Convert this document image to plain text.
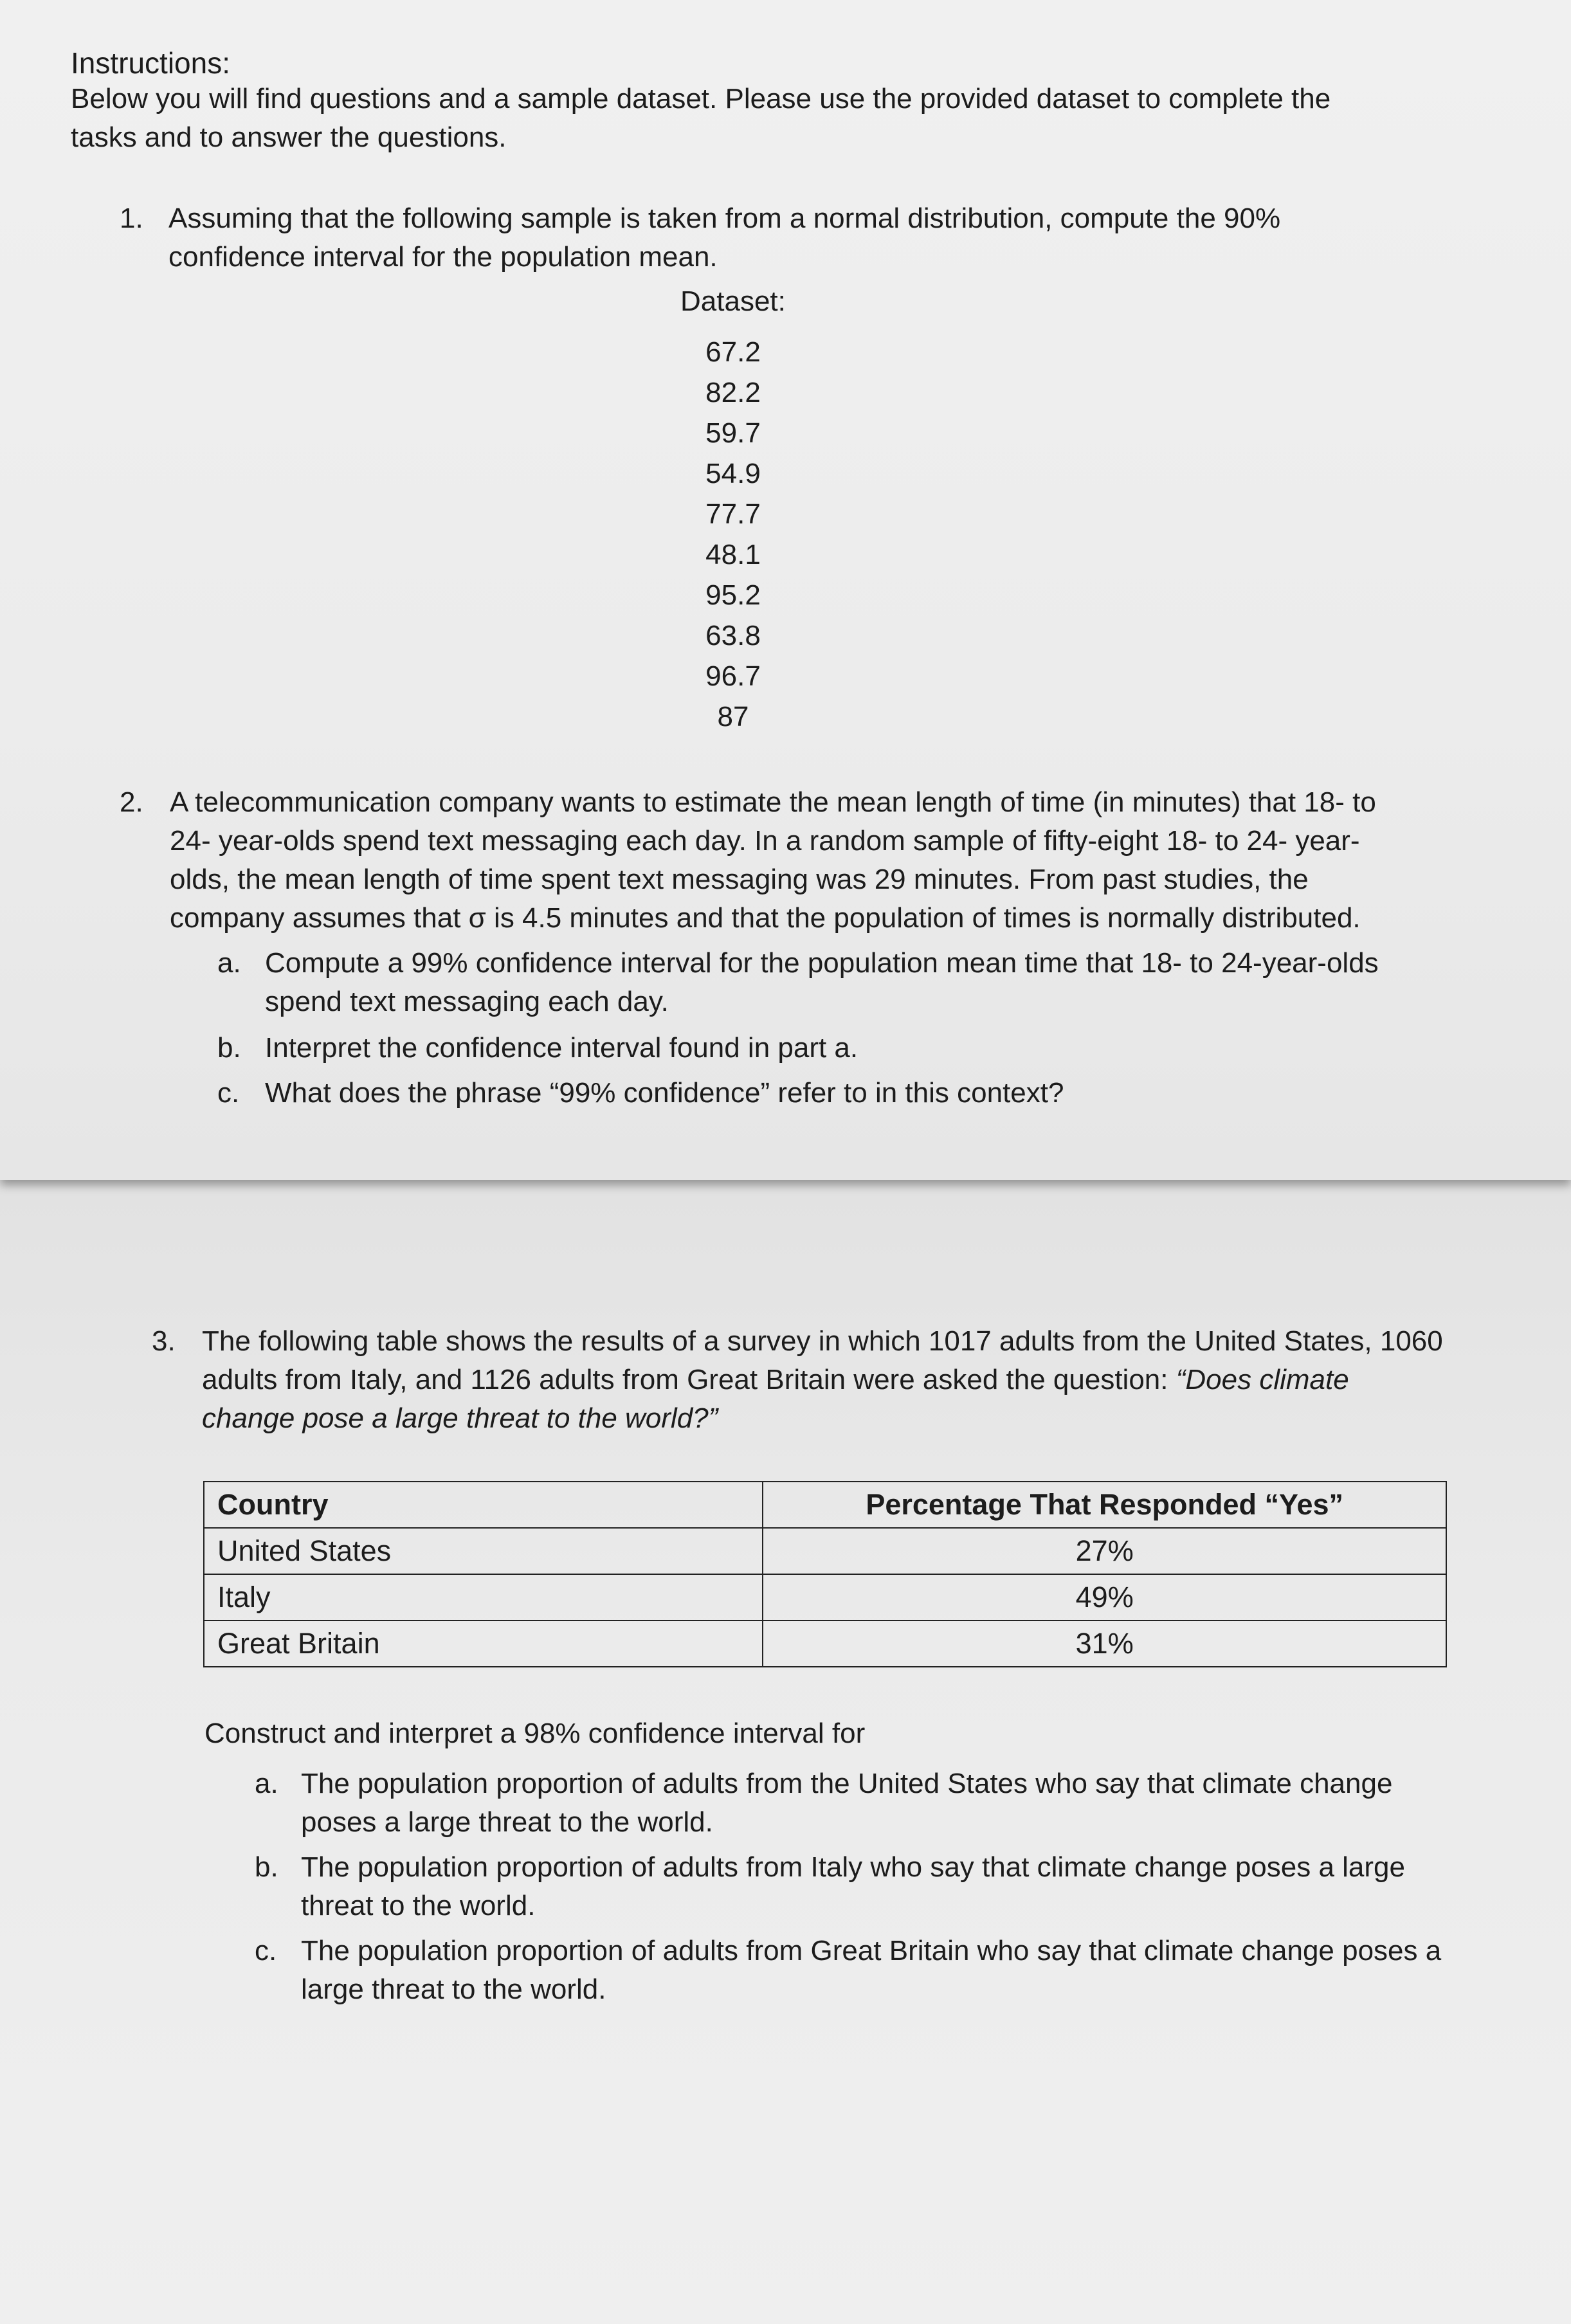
Instructions:
Below you will find questions and a sample dataset. Please use the provided dataset to complete the tasks and to answer the questions.
1. Assuming that the following sample is taken from a normal distribution, compute the 90% confidence interval for the population mean.
Dataset:
67.2
82.2
59.7
54.9
77.7
48.1
95.2
63.8
96.7
87
2. A telecommunication company wants to estimate the mean length of time (in minutes) that 18- to 24- year-olds spend text messaging each day. In a random sample of fifty-eight 18- to 24- year-olds, the mean length of time spent text messaging was 29 minutes. From past studies, the company assumes that σ is 4.5 minutes and that the population of times is normally distributed.
a. Compute a 99% confidence interval for the population mean time that 18- to 24-year-olds spend text messaging each day.
b. Interpret the confidence interval found in part a.
c. What does the phrase “99% confidence” refer to in this context?
3. The following table shows the results of a survey in which 1017 adults from the United States, 1060 adults from Italy, and 1126 adults from Great Britain were asked the question: “Does climate change pose a large threat to the world?”
Country	Percentage That Responded “Yes”
United States	27%
Italy	49%
Great Britain	31%
Construct and interpret a 98% confidence interval for
a. The population proportion of adults from the United States who say that climate change poses a large threat to the world.
b. The population proportion of adults from Italy who say that climate change poses a large threat to the world.
c. The population proportion of adults from Great Britain who say that climate change poses a large threat to the world.
